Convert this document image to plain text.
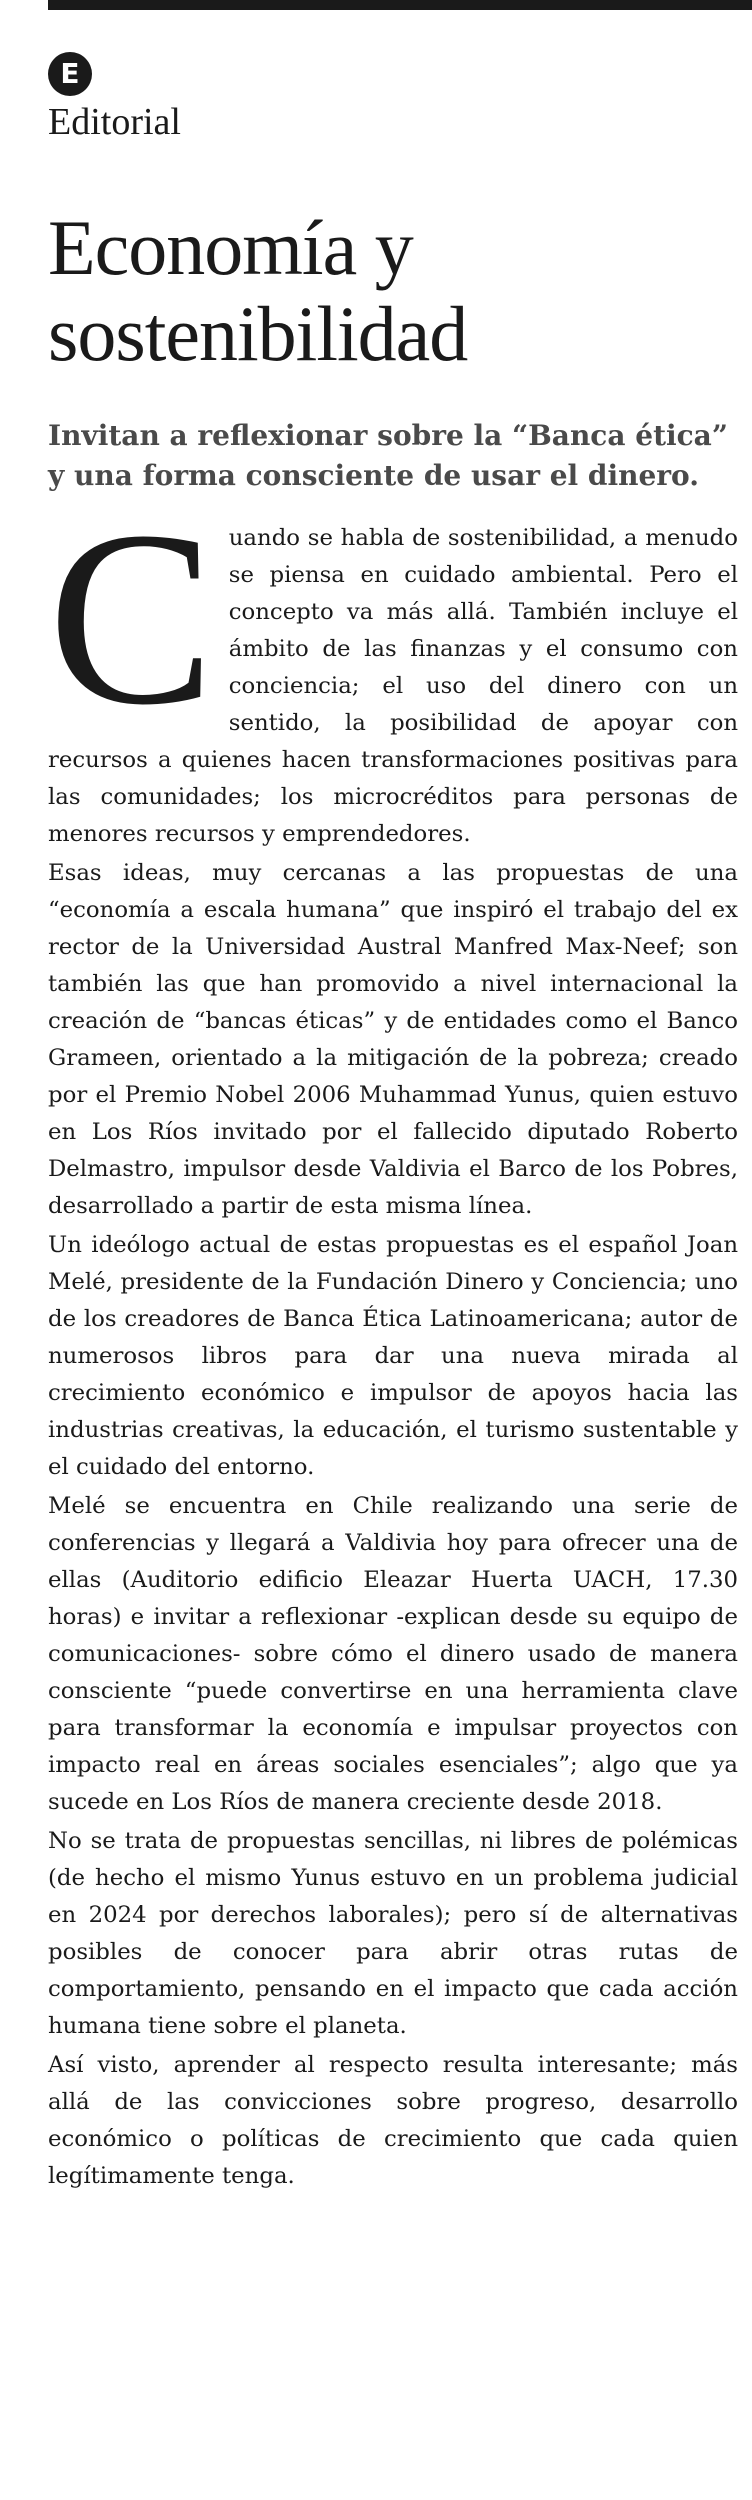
E
Editorial
Economía y sostenibilidad
Invitan a reflexionar sobre la “Banca ética” y una forma consciente de usar el dinero.

Cuando se habla de sostenibilidad, a menudo se piensa en cuidado ambiental. Pero el concepto va más allá. También incluye el ámbito de las finanzas y el consumo con conciencia; el uso del dinero con un sentido, la posibilidad de apoyar con recursos a quienes hacen transformaciones positivas para las comunidades; los microcréditos para personas de menores recursos y emprendedores.

Esas ideas, muy cercanas a las propuestas de una “economía a escala humana” que inspiró el trabajo del ex rector de la Universidad Austral Manfred Max-Neef; son también las que han promovido a nivel internacional la creación de “bancas éticas” y de entidades como el Banco Grameen, orientado a la mitigación de la pobreza; creado por el Premio Nobel 2006 Muhammad Yunus, quien estuvo en Los Ríos invitado por el fallecido diputado Roberto Delmastro, impulsor desde Valdivia el Barco de los Pobres, desarrollado a partir de esta misma línea.

Un ideólogo actual de estas propuestas es el español Joan Melé, presidente de la Fundación Dinero y Conciencia; uno de los creadores de Banca Ética Latinoamericana; autor de numerosos libros para dar una nueva mirada al crecimiento económico e impulsor de apoyos hacia las industrias creativas, la educación, el turismo sustentable y el cuidado del entorno.

Melé se encuentra en Chile realizando una serie de conferencias y llegará a Valdivia hoy para ofrecer una de ellas (Auditorio edificio Eleazar Huerta UACH, 17.30 horas) e invitar a reflexionar -explican desde su equipo de comunicaciones- sobre cómo el dinero usado de manera consciente “puede convertirse en una herramienta clave para transformar la economía e impulsar proyectos con impacto real en áreas sociales esenciales”; algo que ya sucede en Los Ríos de manera creciente desde 2018.

No se trata de propuestas sencillas, ni libres de polémicas (de hecho el mismo Yunus estuvo en un problema judicial en 2024 por derechos laborales); pero sí de alternativas posibles de conocer para abrir otras rutas de comportamiento, pensando en el impacto que cada acción humana tiene sobre el planeta.

Así visto, aprender al respecto resulta interesante; más allá de las convicciones sobre progreso, desarrollo económico o políticas de crecimiento que cada quien legítimamente tenga.
